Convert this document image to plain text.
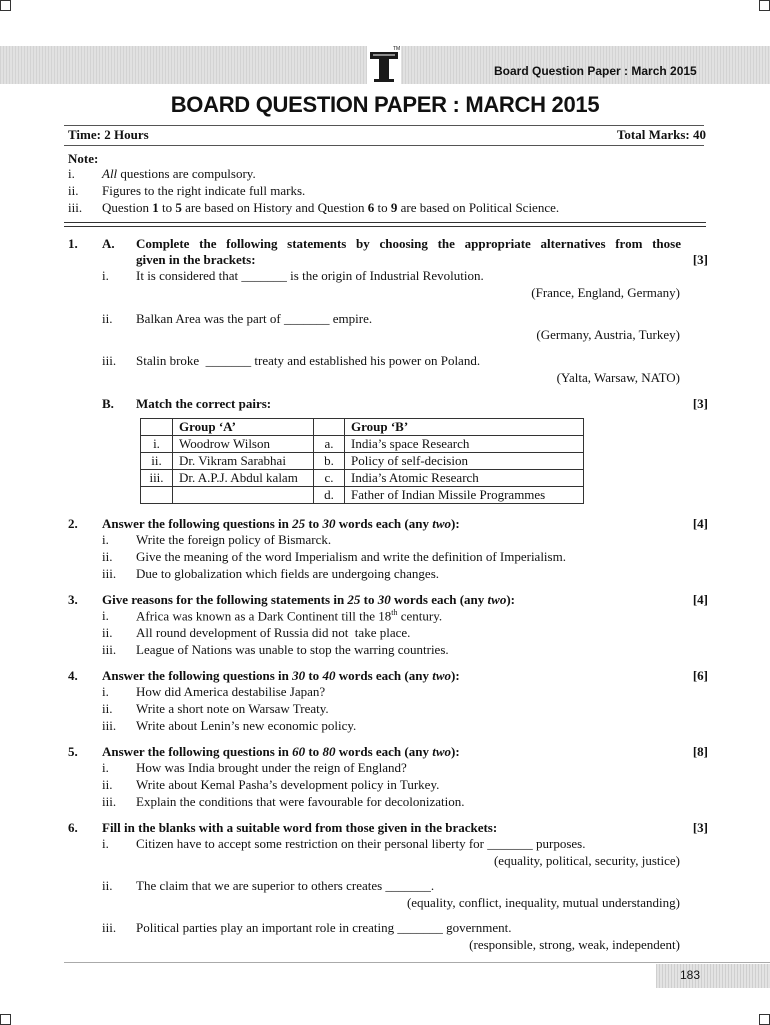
TM
Board Question Paper : March 2015
BOARD QUESTION PAPER : MARCH 2015
Time: 2 Hours	Total Marks: 40
Note:
i. All questions are compulsory.
ii. Figures to the right indicate full marks.
iii. Question 1 to 5 are based on History and Question 6 to 9 are based on Political Science.
1.	A. Complete the following statements by choosing the appropriate alternatives from those
given in the brackets:	[3]
i. It is considered that _______ is the origin of Industrial Revolution.
(France, England, Germany)
ii. Balkan Area was the part of _______ empire.
(Germany, Austria, Turkey)
iii. Stalin broke  _______ treaty and established his power on Poland.
(Yalta, Warsaw, NATO)
B. Match the correct pairs:	[3]
	Group ‘A’		Group ‘B’
i.	Woodrow Wilson	a.	India’s space Research
ii.	Dr. Vikram Sarabhai	b.	Policy of self-decision
iii.	Dr. A.P.J. Abdul kalam	c.	India’s Atomic Research
		d.	Father of Indian Missile Programmes
2.	Answer the following questions in 25 to 30 words each (any two):	[4]
i. Write the foreign policy of Bismarck.
ii. Give the meaning of the word Imperialism and write the definition of Imperialism.
iii. Due to globalization which fields are undergoing changes.
3.	Give reasons for the following statements in 25 to 30 words each (any two):	[4]
i. Africa was known as a Dark Continent till the 18th century.
ii. All round development of Russia did not  take place.
iii. League of Nations was unable to stop the warring countries.
4.	Answer the following questions in 30 to 40 words each (any two):	[6]
i. How did America destabilise Japan?
ii. Write a short note on Warsaw Treaty.
iii. Write about Lenin’s new economic policy.
5.	Answer the following questions in 60 to 80 words each (any two):	[8]
i. How was India brought under the reign of England?
ii. Write about Kemal Pasha’s development policy in Turkey.
iii. Explain the conditions that were favourable for decolonization.
6.	Fill in the blanks with a suitable word from those given in the brackets:	[3]
i. Citizen have to accept some restriction on their personal liberty for _______ purposes.
(equality, political, security, justice)
ii. The claim that we are superior to others creates _______.
(equality, conflict, inequality, mutual understanding)
iii. Political parties play an important role in creating _______ government.
(responsible, strong, weak, independent)
183
